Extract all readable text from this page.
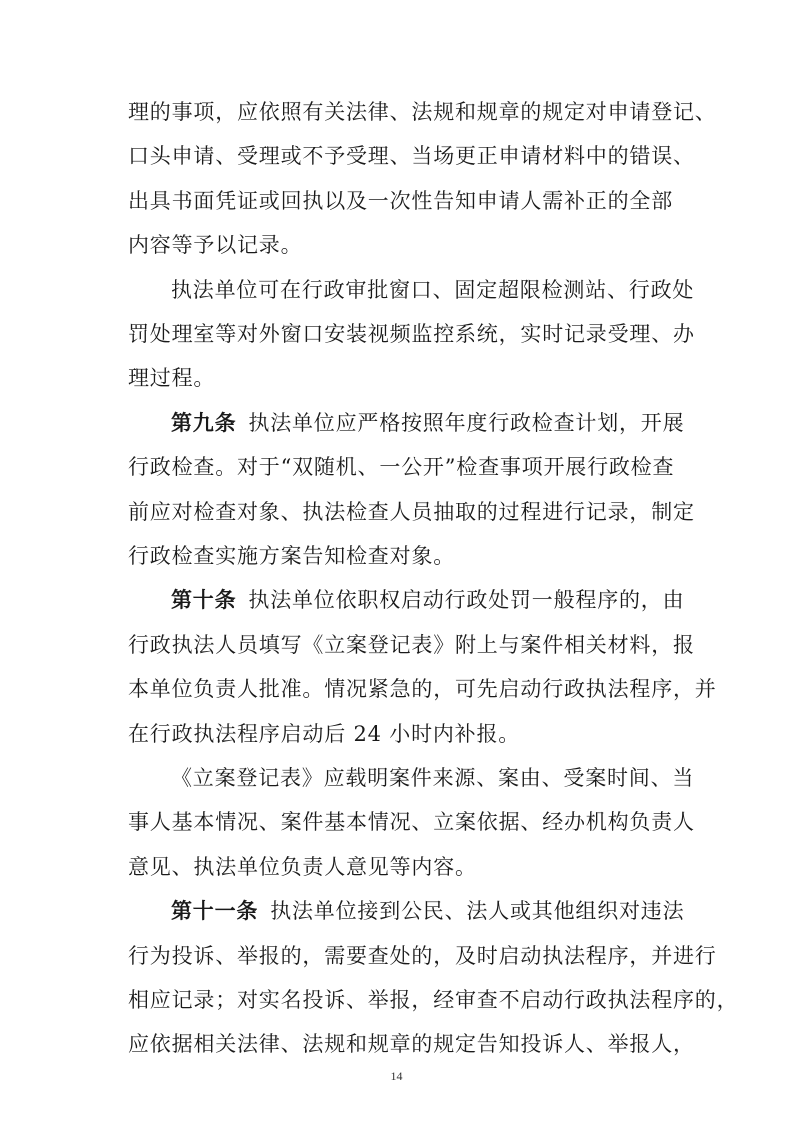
理的事项，应依照有关法律、法规和规章的规定对申请登记、
口头申请、受理或不予受理、当场更正申请材料中的错误、
出具书面凭证或回执以及一次性告知申请人需补正的全部
内容等予以记录。
执法单位可在行政审批窗口、固定超限检测站、行政处
罚处理室等对外窗口安装视频监控系统，实时记录受理、办
理过程。
第九条 执法单位应严格按照年度行政检查计划，开展
行政检查。对于“双随机、一公开”检查事项开展行政检查
前应对检查对象、执法检查人员抽取的过程进行记录，制定
行政检查实施方案告知检查对象。
第十条 执法单位依职权启动行政处罚一般程序的，由
行政执法人员填写《立案登记表》附上与案件相关材料，报
本单位负责人批准。情况紧急的，可先启动行政执法程序，并
在行政执法程序启动后 24 小时内补报。
《立案登记表》应载明案件来源、案由、受案时间、当
事人基本情况、案件基本情况、立案依据、经办机构负责人
意见、执法单位负责人意见等内容。
第十一条 执法单位接到公民、法人或其他组织对违法
行为投诉、举报的，需要查处的，及时启动执法程序，并进行
相应记录；对实名投诉、举报，经审查不启动行政执法程序的，
应依据相关法律、法规和规章的规定告知投诉人、举报人，
14
